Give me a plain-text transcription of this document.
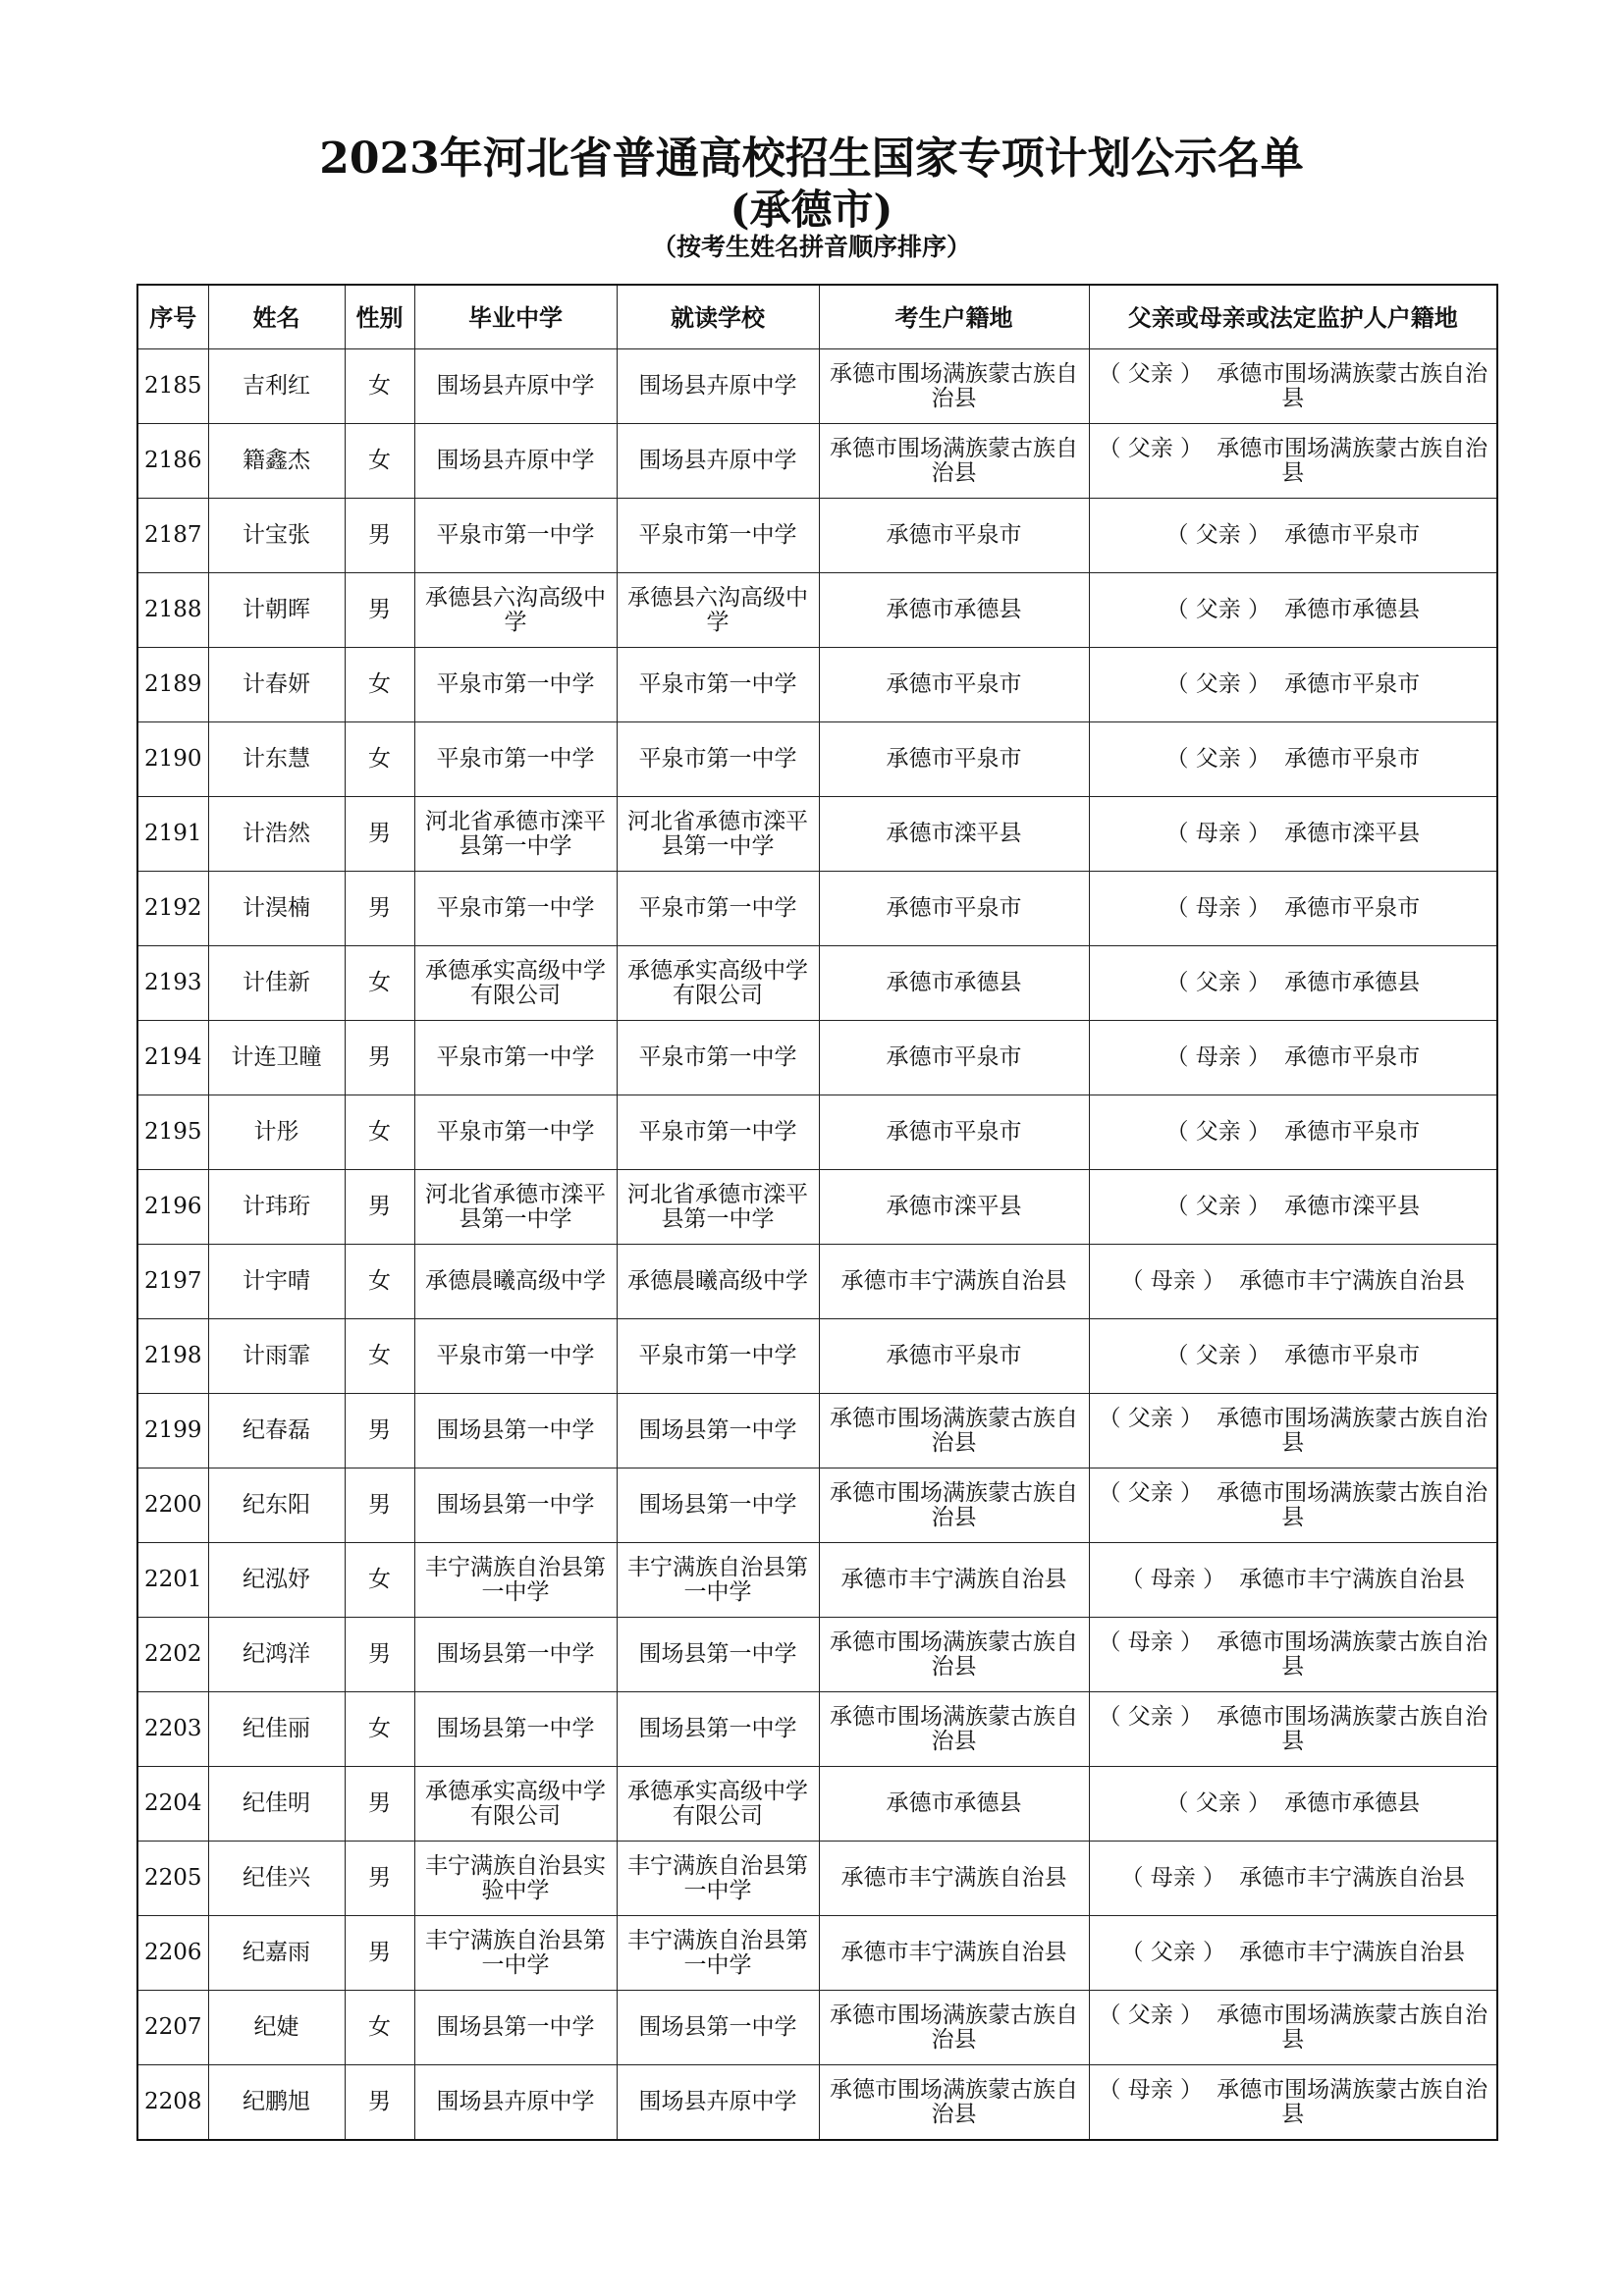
2023年河北省普通高校招生国家专项计划公示名单
(承德市)
（按考生姓名拼音顺序排序）
序号	姓名	性别	毕业中学	就读学校	考生户籍地	父亲或母亲或法定监护人户籍地
2185	吉利红	女	围场县卉原中学	围场县卉原中学	承德市围场满族蒙古族自治县	（ 父亲 ） 承德市围场满族蒙古族自治县
2186	籍鑫杰	女	围场县卉原中学	围场县卉原中学	承德市围场满族蒙古族自治县	（ 父亲 ） 承德市围场满族蒙古族自治县
2187	计宝张	男	平泉市第一中学	平泉市第一中学	承德市平泉市	（ 父亲 ） 承德市平泉市
2188	计朝晖	男	承德县六沟高级中学	承德县六沟高级中学	承德市承德县	（ 父亲 ） 承德市承德县
2189	计春妍	女	平泉市第一中学	平泉市第一中学	承德市平泉市	（ 父亲 ） 承德市平泉市
2190	计东慧	女	平泉市第一中学	平泉市第一中学	承德市平泉市	（ 父亲 ） 承德市平泉市
2191	计浩然	男	河北省承德市滦平县第一中学	河北省承德市滦平县第一中学	承德市滦平县	（ 母亲 ） 承德市滦平县
2192	计淏楠	男	平泉市第一中学	平泉市第一中学	承德市平泉市	（ 母亲 ） 承德市平泉市
2193	计佳新	女	承德承实高级中学有限公司	承德承实高级中学有限公司	承德市承德县	（ 父亲 ） 承德市承德县
2194	计连卫瞳	男	平泉市第一中学	平泉市第一中学	承德市平泉市	（ 母亲 ） 承德市平泉市
2195	计彤	女	平泉市第一中学	平泉市第一中学	承德市平泉市	（ 父亲 ） 承德市平泉市
2196	计玮珩	男	河北省承德市滦平县第一中学	河北省承德市滦平县第一中学	承德市滦平县	（ 父亲 ） 承德市滦平县
2197	计宇晴	女	承德晨曦高级中学	承德晨曦高级中学	承德市丰宁满族自治县	（ 母亲 ） 承德市丰宁满族自治县
2198	计雨霏	女	平泉市第一中学	平泉市第一中学	承德市平泉市	（ 父亲 ） 承德市平泉市
2199	纪春磊	男	围场县第一中学	围场县第一中学	承德市围场满族蒙古族自治县	（ 父亲 ） 承德市围场满族蒙古族自治县
2200	纪东阳	男	围场县第一中学	围场县第一中学	承德市围场满族蒙古族自治县	（ 父亲 ） 承德市围场满族蒙古族自治县
2201	纪泓妤	女	丰宁满族自治县第一中学	丰宁满族自治县第一中学	承德市丰宁满族自治县	（ 母亲 ） 承德市丰宁满族自治县
2202	纪鸿洋	男	围场县第一中学	围场县第一中学	承德市围场满族蒙古族自治县	（ 母亲 ） 承德市围场满族蒙古族自治县
2203	纪佳丽	女	围场县第一中学	围场县第一中学	承德市围场满族蒙古族自治县	（ 父亲 ） 承德市围场满族蒙古族自治县
2204	纪佳明	男	承德承实高级中学有限公司	承德承实高级中学有限公司	承德市承德县	（ 父亲 ） 承德市承德县
2205	纪佳兴	男	丰宁满族自治县实验中学	丰宁满族自治县第一中学	承德市丰宁满族自治县	（ 母亲 ） 承德市丰宁满族自治县
2206	纪嘉雨	男	丰宁满族自治县第一中学	丰宁满族自治县第一中学	承德市丰宁满族自治县	（ 父亲 ） 承德市丰宁满族自治县
2207	纪婕	女	围场县第一中学	围场县第一中学	承德市围场满族蒙古族自治县	（ 父亲 ） 承德市围场满族蒙古族自治县
2208	纪鹏旭	男	围场县卉原中学	围场县卉原中学	承德市围场满族蒙古族自治县	（ 母亲 ） 承德市围场满族蒙古族自治县
